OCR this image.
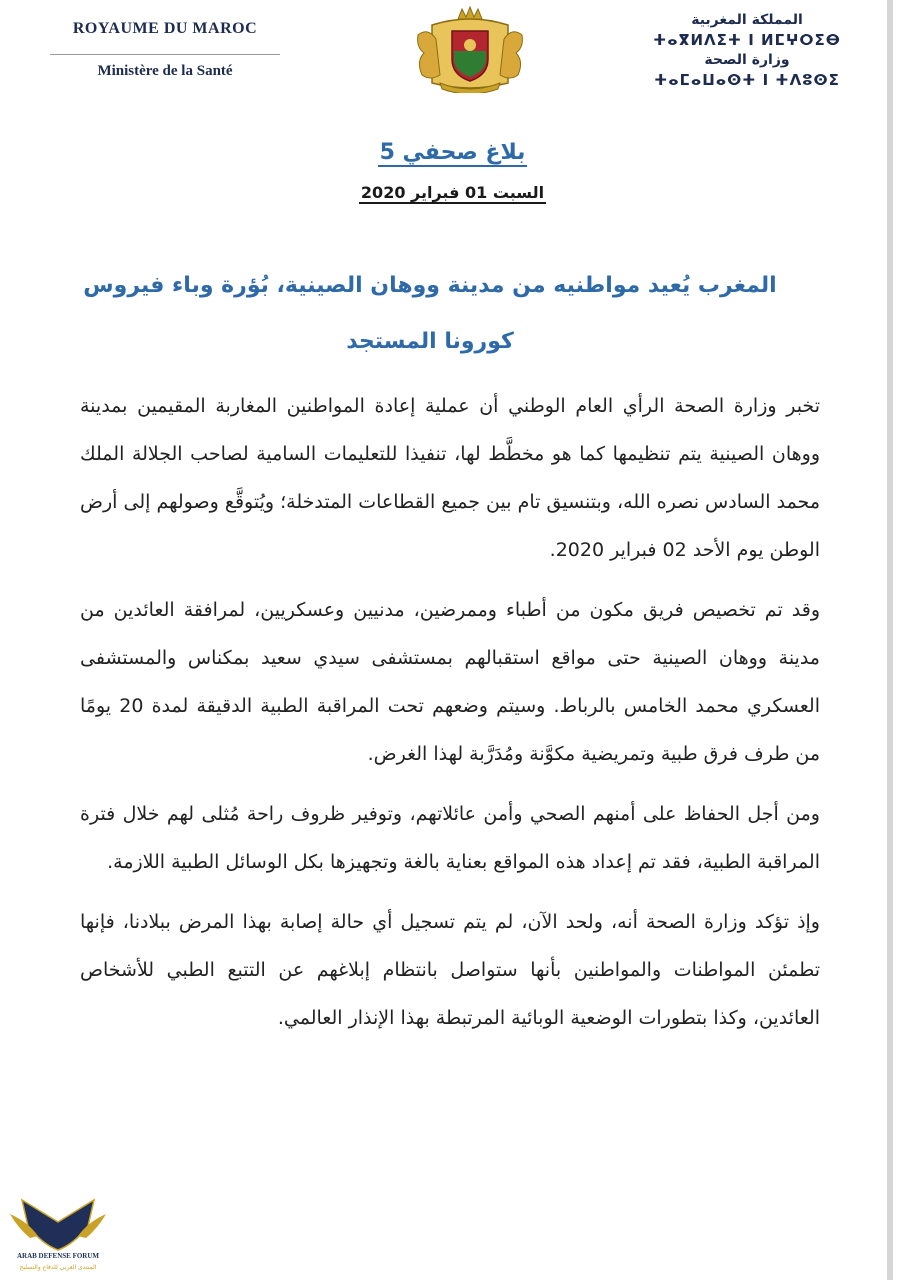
ROYAUME DU MAROC
Ministère de la Santé
المملكة المغربية
ⵜⴰⴳⵍⴷⵉⵜ ⵏ ⵍⵎⵖⵔⵉⴱ
وزارة الصحة
ⵜⴰⵎⴰⵡⴰⵙⵜ ⵏ ⵜⴷⵓⵙⵉ
بلاغ صحفي 5
السبت 01 فبراير 2020
المغرب يُعيد مواطنيه من مدينة ووهان الصينية، بُؤرة وباء فيروس كورونا المستجد

تخبر وزارة الصحة الرأي العام الوطني أن عملية إعادة المواطنين المغاربة المقيمين بمدينة ووهان الصينية يتم تنظيمها كما هو مخطَّط لها، تنفيذا للتعليمات السامية لصاحب الجلالة الملك محمد السادس نصره الله، وبتنسيق تام بين جميع القطاعات المتدخلة؛ ويُتوقَّع وصولهم إلى أرض الوطن يوم الأحد 02 فبراير 2020.

وقد تم تخصيص فريق مكون من أطباء وممرضين، مدنيين وعسكريين، لمرافقة العائدين من مدينة ووهان الصينية حتى مواقع استقبالهم بمستشفى سيدي سعيد بمكناس والمستشفى العسكري محمد الخامس بالرباط. وسيتم وضعهم تحت المراقبة الطبية الدقيقة لمدة 20 يومًا من طرف فرق طبية وتمريضية مكوَّنة ومُدَرَّبة لهذا الغرض.

ومن أجل الحفاظ على أمنهم الصحي وأمن عائلاتهم، وتوفير ظروف راحة مُثلى لهم خلال فترة المراقبة الطبية، فقد تم إعداد هذه المواقع بعناية بالغة وتجهيزها بكل الوسائل الطبية اللازمة.

وإذ تؤكد وزارة الصحة أنه، ولحد الآن، لم يتم تسجيل أي حالة إصابة بهذا المرض ببلادنا، فإنها تطمئن المواطنات والمواطنين بأنها ستواصل بانتظام إبلاغهم عن التتبع الطبي للأشخاص العائدين، وكذا بتطورات الوضعية الوبائية المرتبطة بهذا الإنذار العالمي.

DA
ARAB DEFENSE FORUM
المنتدى العربي للدفاع والتسليح
